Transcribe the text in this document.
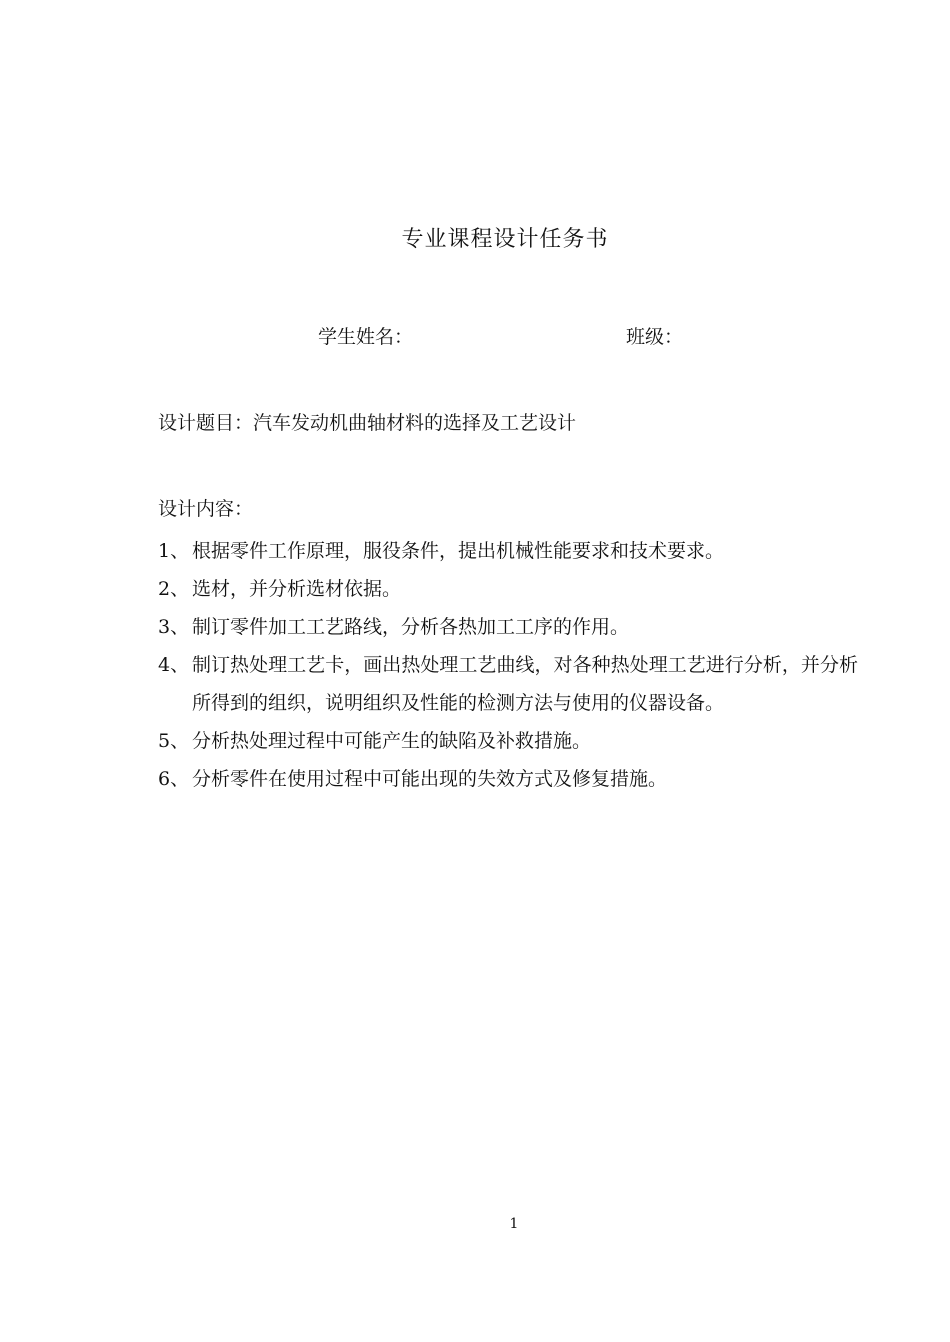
专业课程设计任务书
学生姓名：	班级：
设计题目：汽车发动机曲轴材料的选择及工艺设计
设计内容：
1、 根据零件工作原理，服役条件，提出机械性能要求和技术要求。
2、 选材，并分析选材依据。
3、 制订零件加工工艺路线，分析各热加工工序的作用。
4、 制订热处理工艺卡，画出热处理工艺曲线，对各种热处理工艺进行分析，并分析所得到的组织，说明组织及性能的检测方法与使用的仪器设备。
5、 分析热处理过程中可能产生的缺陷及补救措施。
6、 分析零件在使用过程中可能出现的失效方式及修复措施。
1
